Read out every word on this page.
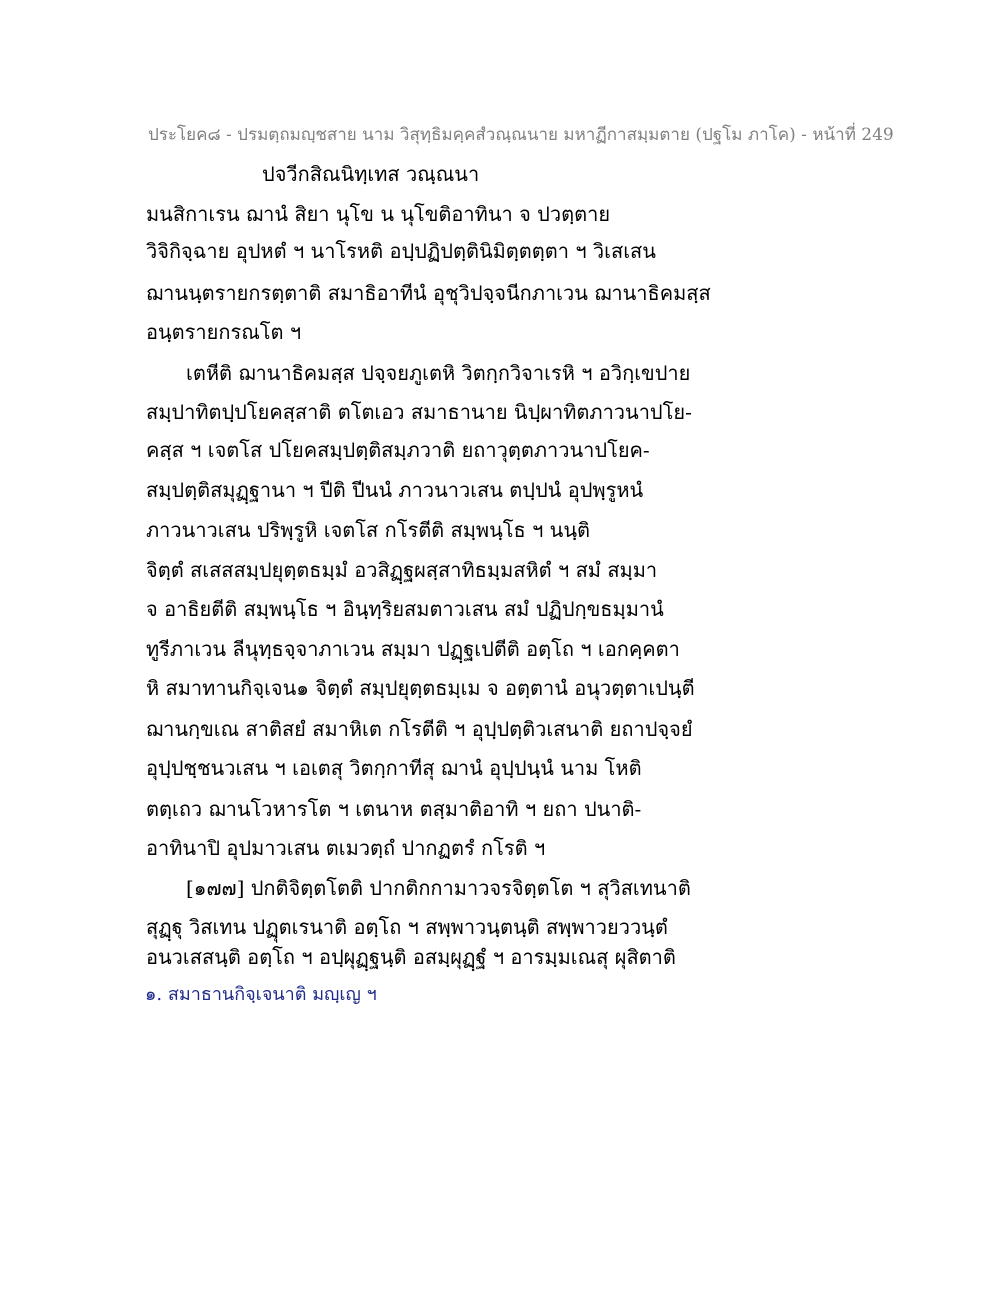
ประโยค๘ - ปรมตฺถมญฺชสาย นาม วิสุทฺธิมคฺคสํวณฺณนาย มหาฏีกาสมฺมตาย (ปฐโม ภาโค) - หน้าที่ 249
ปจวีกสิณนิทฺเทส วณฺณนา
มนสิกาเรน ฌานํ สิยา นุโข น นุโขติอาทินา จ ปวตฺตาย
วิจิกิจฺฉาย อุปหตํ ฯ นาโรหติ อปฺปฏิปตฺตินิมิตฺตตฺตา ฯ วิเสเสน
ฌานนฺตรายกรตฺตาติ สมาธิอาทีนํ อุชุวิปจฺจนีกภาเวน ฌานาธิคมสฺส
อนฺตรายกรณโต ฯ
เตหีติ ฌานาธิคมสฺส ปจฺจยภูเตหิ วิตกฺกวิจาเรหิ ฯ อวิกฺเขปาย
สมฺปาทิตปฺปโยคสฺสาติ ตโตเอว สมาธานาย นิปฺผาทิตภาวนาปโย-
คสฺส ฯ เจตโส ปโยคสมฺปตฺติสมฺภวาติ ยถาวุตฺตภาวนาปโยค-
สมฺปตฺติสมุฏฺฐานา ฯ ปีติ ปีนนํ ภาวนาวเสน ตปฺปนํ อุปพฺรูหนํ
ภาวนาวเสน ปริพฺรูหิ เจตโส กโรตีติ สมฺพนฺโธ ฯ นนฺติ
จิตฺตํ สเสสสมฺปยุตฺตธมฺมํ อวสิฏฺฐผสฺสาทิธมฺมสหิตํ ฯ สมํ สมฺมา
จ อาธิยตีติ สมฺพนฺโธ ฯ อินฺทฺริยสมตาวเสน สมํ ปฏิปกฺขธมฺมานํ
ทูรีภาเวน ลีนุทฺธจฺจาภาเวน สมฺมา ปฏฺฐเปตีติ อตฺโถ ฯ เอกคฺคตา
หิ สมาทานกิจฺเจน๑ จิตฺตํ สมฺปยุตฺตธมฺเม จ อตฺตานํ อนุวตฺตาเปนฺตี
ฌานกฺขเณ สาติสยํ สมาหิเต กโรตีติ ฯ อุปฺปตฺติวเสนาติ ยถาปจฺจยํ
อุปฺปชฺชนวเสน ฯ เอเตสุ วิตกฺกาทีสุ ฌานํ อุปฺปนฺนํ นาม โหติ
ตตฺเถว ฌานโวหารโต ฯ เตนาห ตสฺมาติอาทิ ฯ ยถา ปนาติ-
อาทินาปิ อุปมาวเสน ตเมวตฺถํ ปากฏตรํ กโรติ ฯ
[๑๗๗] ปกติจิตฺตโตติ ปากติกกามาวจรจิตฺตโต ฯ สุวิสเทนาติ
สุฏฺฐุ วิสเทน ปฏุตเรนาติ อตฺโถ ฯ สพฺพาวนฺตนฺติ สพฺพาวยววนฺตํ
อนวเสสนฺติ อตฺโถ ฯ อปฺผุฏฺฐนฺติ อสมฺผุฏฺฐํ ฯ อารมฺมเณสุ ผุสิตาติ
๑. สมาธานกิจฺเจนาติ มญฺเญ ฯ
